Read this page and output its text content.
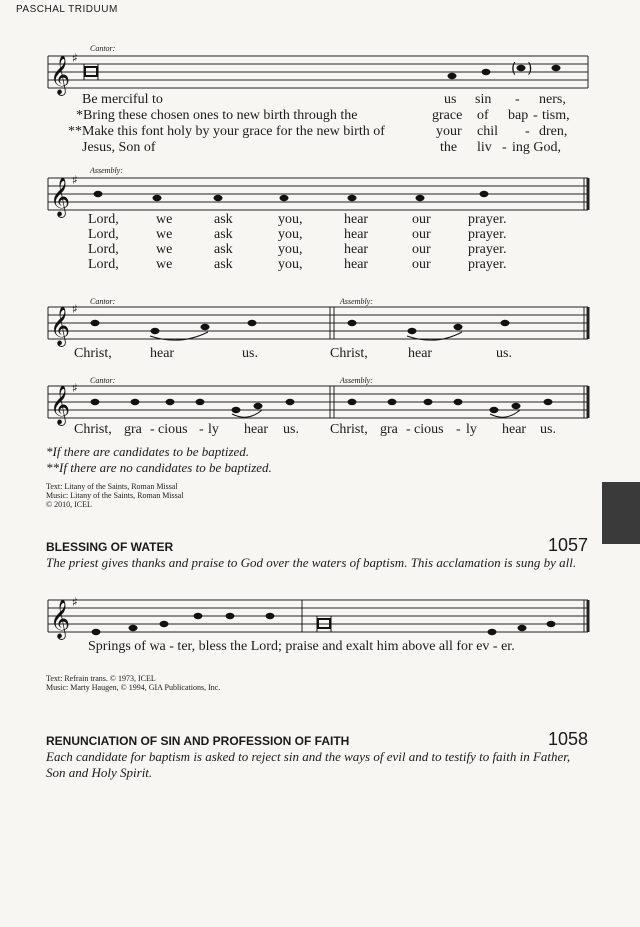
PASCHAL TRIDUUM
𝄞 ♯
𝄞 ♯
𝄞 ♯
𝄞 ♯
𝄞 ♯
( )
Cantor:
Assembly:
Cantor:	Assembly:
Cantor:	Assembly:
Be merciful to	us sin - ners,
*Bring these chosen ones to new birth through the	grace of bap - tism,
**Make this font holy by your grace for the new birth of	your chil - dren,
Jesus, Son of	the liv - ing God,
Lord,	we	ask	you,	hear	our	prayer.
Lord,	we	ask	you,	hear	our	prayer.
Lord,	we	ask	you,	hear	our	prayer.
Lord,	we	ask	you,	hear	our	prayer.
Christ,	hear	us.	Christ,	hear	us.
Christ, gra - cious - ly hear us. Christ, gra - cious - ly hear us.
*If there are candidates to be baptized.
**If there are no candidates to be baptized.
Text: Litany of the Saints, Roman Missal
Music: Litany of the Saints, Roman Missal
© 2010, ICEL
BLESSING OF WATER	1057
The priest gives thanks and praise to God over the waters of baptism. This acclamation is sung by all.
Springs of wa - ter, bless the Lord; praise and exalt him above all for ev - er.
Text: Refrain trans. © 1973, ICEL
Music: Marty Haugen, © 1994, GIA Publications, Inc.
RENUNCIATION OF SIN AND PROFESSION OF FAITH	1058
Each candidate for baptism is asked to reject sin and the ways of evil and to testify to faith in Father, Son and Holy Spirit.
